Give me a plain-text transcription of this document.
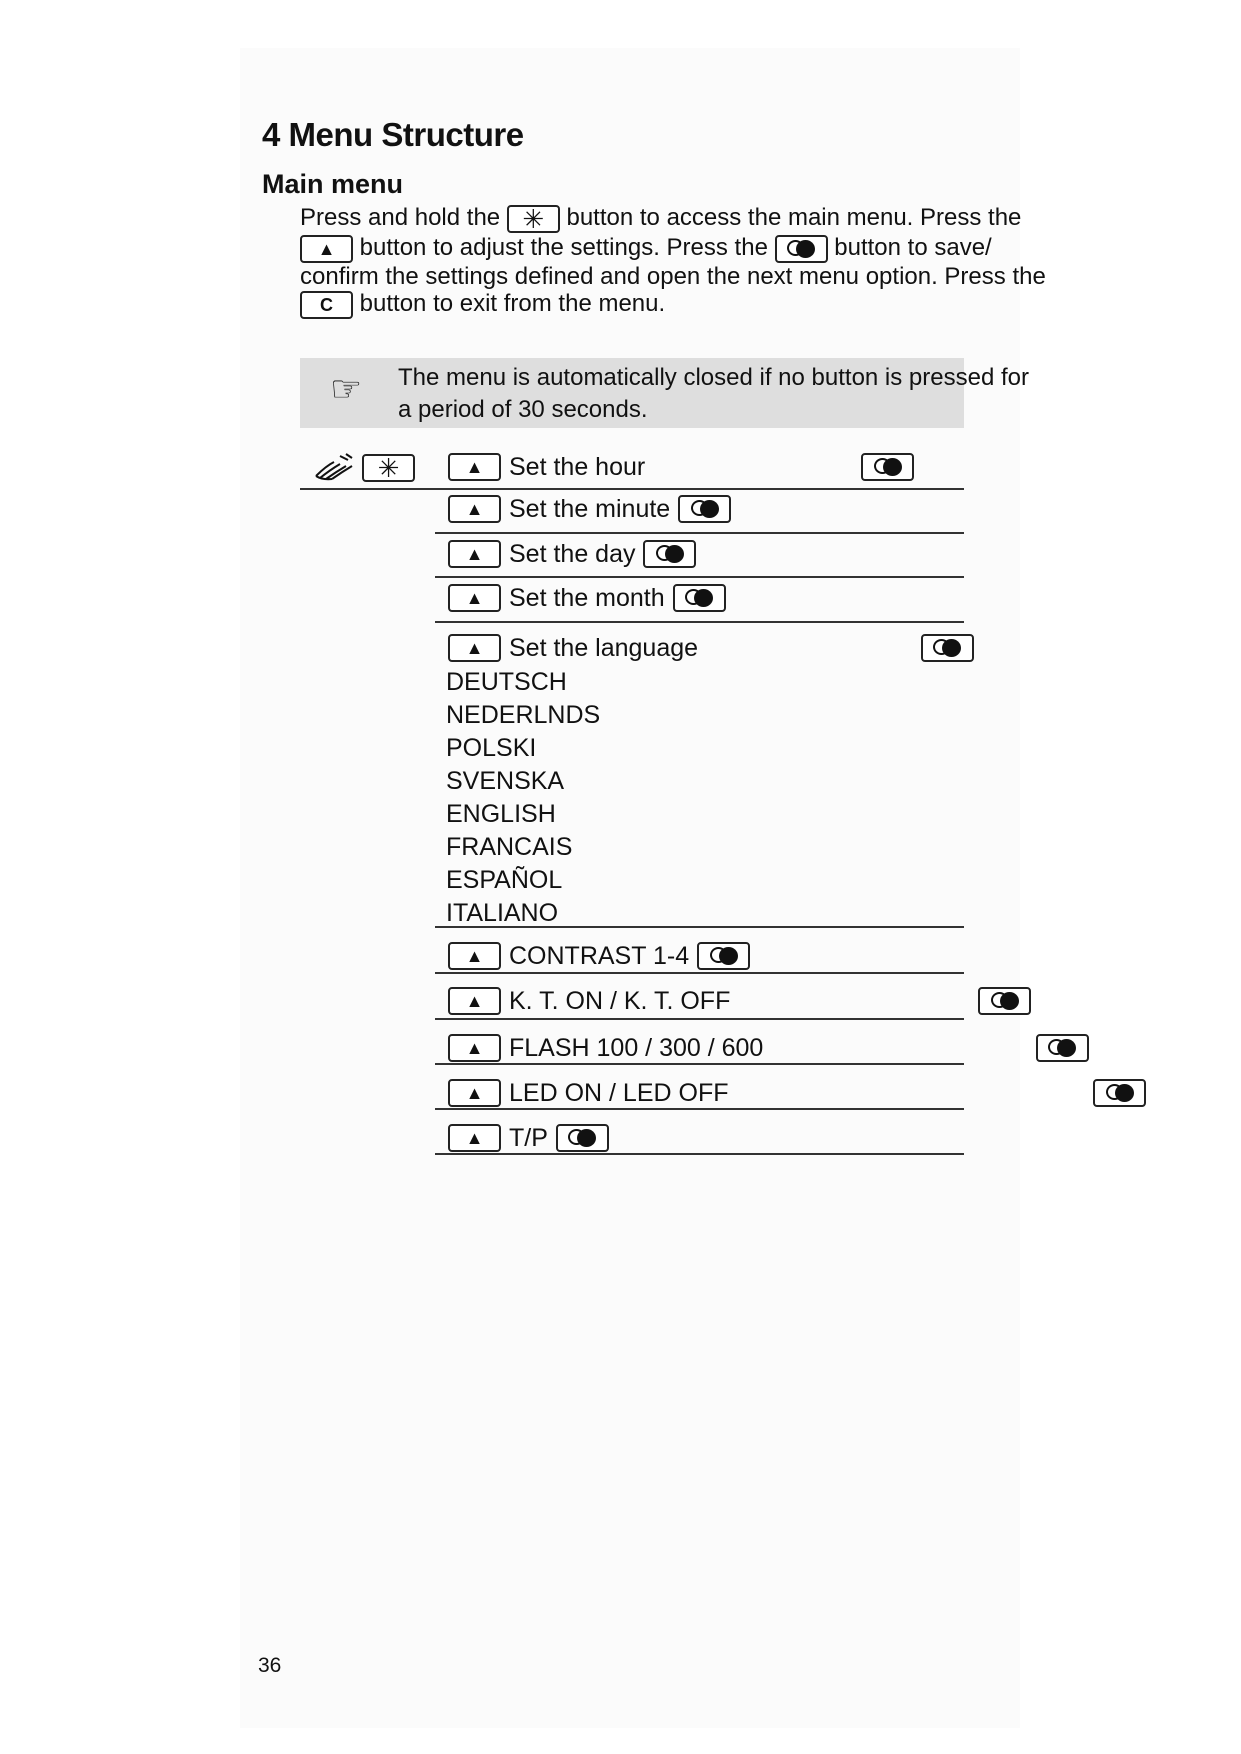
4 Menu Structure
Main menu
Press and hold the ✳ button to access the main menu. Press the
▲	button to adjust the settings. Press the	button to save/
confirm the settings defined and open the next menu option. Press the
C	button to exit from the menu.
☞ The menu is automatically closed if no button is pressed for
a period of 30 seconds.
✳
	▲	Set the hour

▲	Set the minute
▲	Set the day
▲	Set the month
▲	Set the language

DEUTSCH
NEDERLNDS
POLSKI
SVENSKA
ENGLISH
FRANCAIS
ESPAÑOL
ITALIANO
▲	CONTRAST 1-4
▲	K. T. ON / K. T. OFF

▲	FLASH 100 / 300 / 600

▲	LED ON / LED OFF
▲	T/P
36
